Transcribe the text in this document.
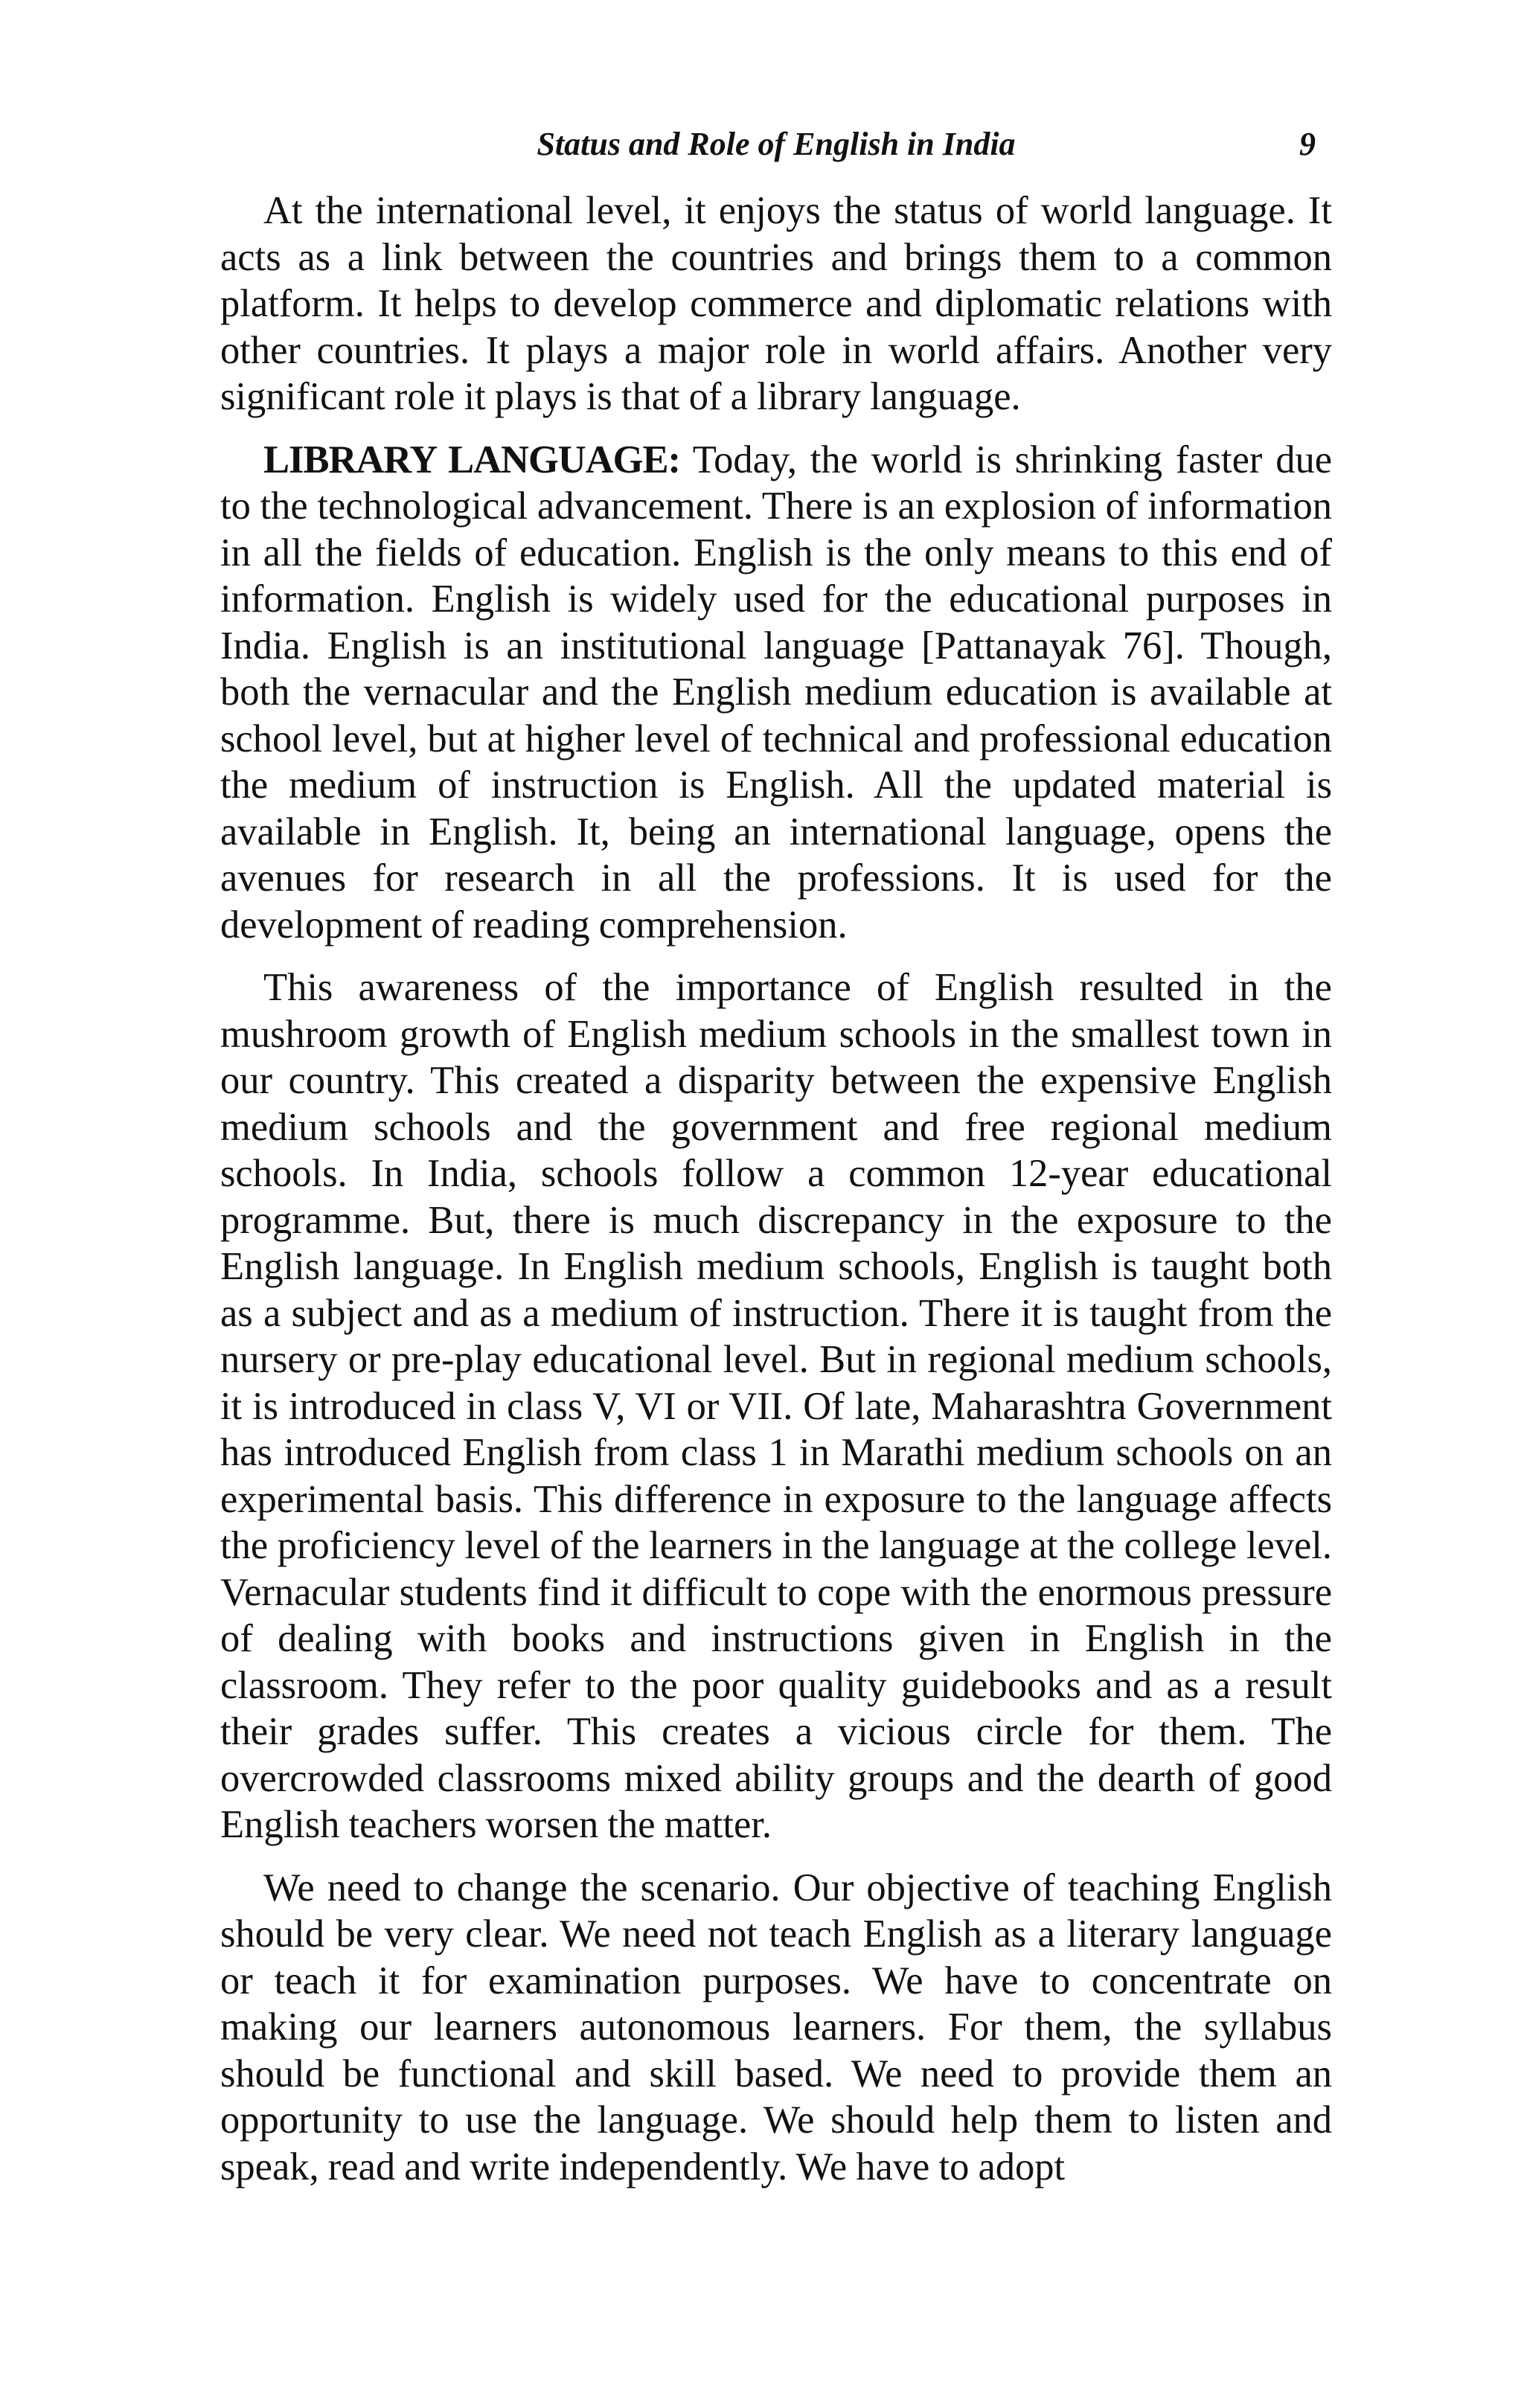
Status and Role of English in India	9

At the international level, it enjoys the status of world language. It acts as a link between the countries and brings them to a common platform. It helps to develop commerce and diplomatic relations with other countries. It plays a major role in world affairs. Another very significant role it plays is that of a library language.

LIBRARY LANGUAGE: Today, the world is shrinking faster due to the technological advancement. There is an explosion of information in all the fields of education. English is the only means to this end of information. English is widely used for the educational purposes in India. English is an institutional language [Pattanayak 76]. Though, both the vernacular and the English medium education is available at school level, but at higher level of technical and professional education the medium of instruction is English. All the updated material is available in English. It, being an international language, opens the avenues for research in all the professions. It is used for the development of reading comprehension.

This awareness of the importance of English resulted in the mushroom growth of English medium schools in the smallest town in our country. This created a disparity between the expensive English medium schools and the government and free regional medium schools. In India, schools follow a common 12-year educational programme. But, there is much discrepancy in the exposure to the English language. In English medium schools, English is taught both as a subject and as a medium of instruction. There it is taught from the nursery or pre-play educational level. But in regional medium schools, it is introduced in class V, VI or VII. Of late, Maharashtra Government has introduced English from class 1 in Marathi medium schools on an experimental basis. This difference in exposure to the language affects the proficiency level of the learners in the language at the college level. Vernacular students find it difficult to cope with the enormous pressure of dealing with books and instructions given in English in the classroom. They refer to the poor quality guidebooks and as a result their grades suffer. This creates a vicious circle for them. The overcrowded classrooms mixed ability groups and the dearth of good English teachers worsen the matter.

We need to change the scenario. Our objective of teaching English should be very clear. We need not teach English as a literary language or teach it for examination purposes. We have to concentrate on making our learners autonomous learners. For them, the syllabus should be functional and skill based. We need to provide them an opportunity to use the language. We should help them to listen and speak, read and write independently. We have to adopt
